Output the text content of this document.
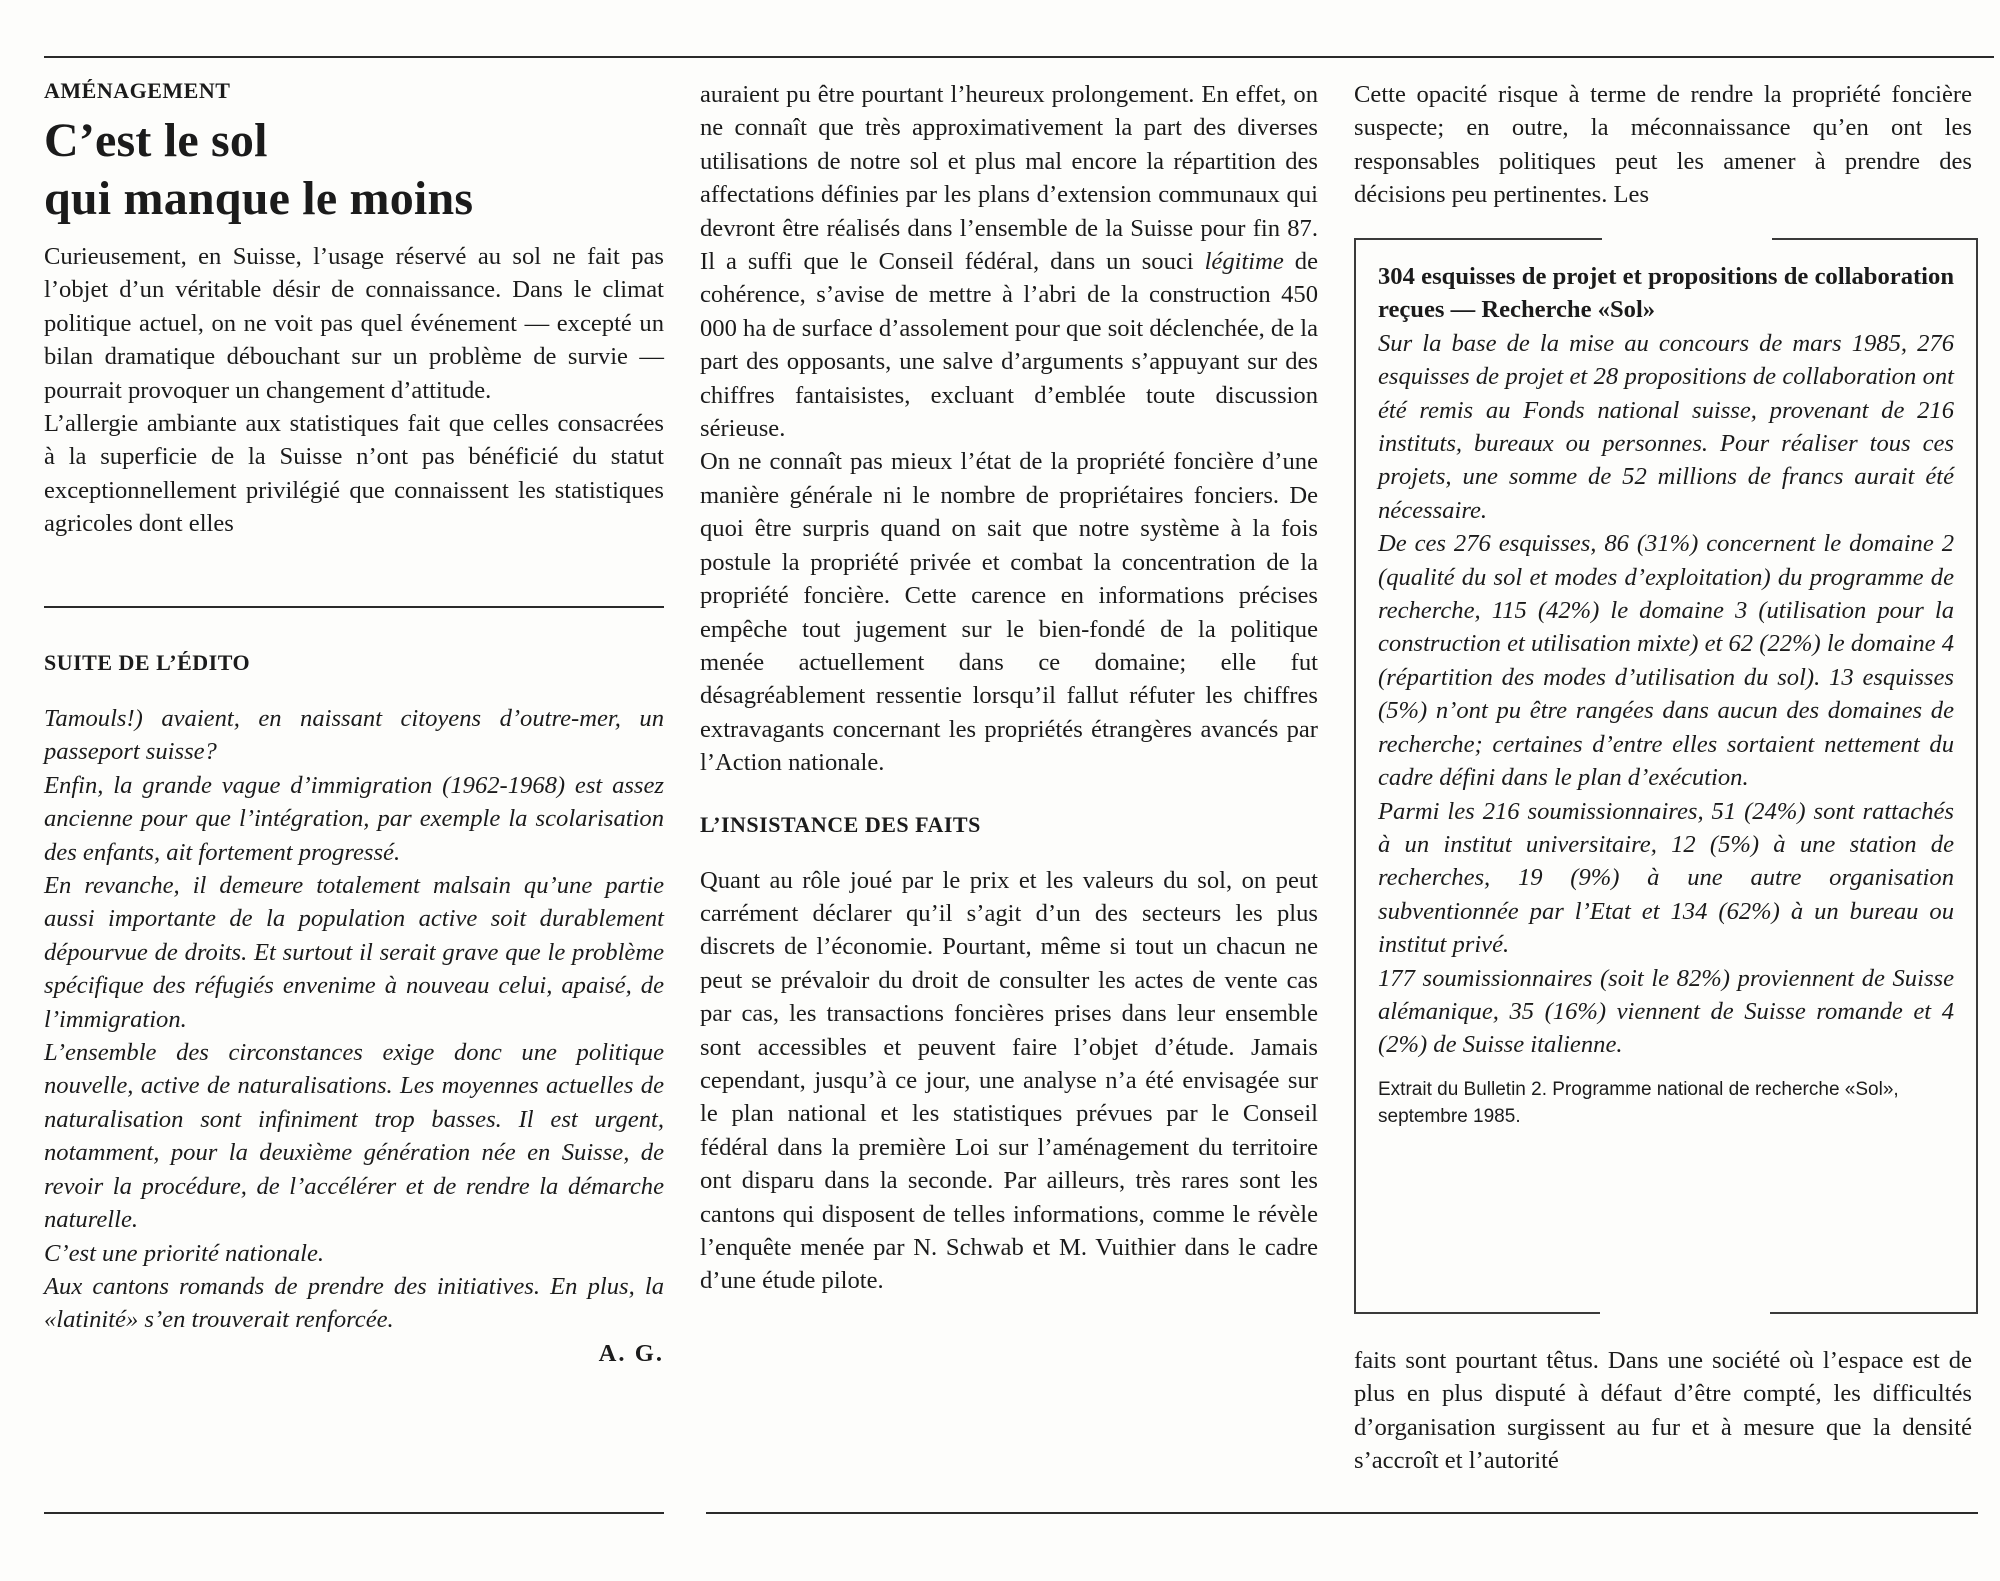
AMÉNAGEMENT
C’est le sol
qui manque le moins

Curieusement, en Suisse, l’usage réservé au sol ne fait pas l’objet d’un véritable désir de connaissance. Dans le climat politique actuel, on ne voit pas quel événement — excepté un bilan dramatique débouchant sur un problème de survie — pourrait provoquer un changement d’attitude.

L’allergie ambiante aux statistiques fait que celles consacrées à la superficie de la Suisse n’ont pas bénéficié du statut exceptionnellement privilégié que connaissent les statistiques agricoles dont elles

SUITE DE L’ÉDITO

Tamouls!) avaient, en naissant citoyens d’outre-mer, un passeport suisse?

Enfin, la grande vague d’immigration (1962-1968) est assez ancienne pour que l’intégration, par exemple la scolarisation des enfants, ait fortement progressé.

En revanche, il demeure totalement malsain qu’une partie aussi importante de la population active soit durablement dépourvue de droits. Et surtout il serait grave que le problème spécifique des réfugiés envenime à nouveau celui, apaisé, de l’immigration.

L’ensemble des circonstances exige donc une politique nouvelle, active de naturalisations. Les moyennes actuelles de naturalisation sont infiniment trop basses. Il est urgent, notamment, pour la deuxième génération née en Suisse, de revoir la procédure, de l’accélérer et de rendre la démarche naturelle.

C’est une priorité nationale.

Aux cantons romands de prendre des initiatives. En plus, la «latinité» s’en trouverait renforcée.

A. G.

auraient pu être pourtant l’heureux prolongement. En effet, on ne connaît que très approximativement la part des diverses utilisations de notre sol et plus mal encore la répartition des affectations définies par les plans d’extension communaux qui devront être réalisés dans l’ensemble de la Suisse pour fin 87. Il a suffi que le Conseil fédéral, dans un souci légitime de cohérence, s’avise de mettre à l’abri de la construction 450 000 ha de surface d’assolement pour que soit déclenchée, de la part des opposants, une salve d’arguments s’appuyant sur des chiffres fantaisistes, excluant d’emblée toute discussion sérieuse.

On ne connaît pas mieux l’état de la propriété foncière d’une manière générale ni le nombre de propriétaires fonciers. De quoi être surpris quand on sait que notre système à la fois postule la propriété privée et combat la concentration de la propriété foncière. Cette carence en informations précises empêche tout jugement sur le bien-fondé de la politique menée actuellement dans ce domaine; elle fut désagréablement ressentie lorsqu’il fallut réfuter les chiffres extravagants concernant les propriétés étrangères avancés par l’Action nationale.

L’INSISTANCE DES FAITS

Quant au rôle joué par le prix et les valeurs du sol, on peut carrément déclarer qu’il s’agit d’un des secteurs les plus discrets de l’économie. Pourtant, même si tout un chacun ne peut se prévaloir du droit de consulter les actes de vente cas par cas, les transactions foncières prises dans leur ensemble sont accessibles et peuvent faire l’objet d’étude. Jamais cependant, jusqu’à ce jour, une analyse n’a été envisagée sur le plan national et les statistiques prévues par le Conseil fédéral dans la première Loi sur l’aménagement du territoire ont disparu dans la seconde. Par ailleurs, très rares sont les cantons qui disposent de telles informations, comme le révèle l’enquête menée par N. Schwab et M. Vuithier dans le cadre d’une étude pilote.

Cette opacité risque à terme de rendre la propriété foncière suspecte; en outre, la méconnaissance qu’en ont les responsables politiques peut les amener à prendre des décisions peu pertinentes. Les

304 esquisses de projet et propositions de collaboration reçues — Recherche «Sol»

Sur la base de la mise au concours de mars 1985, 276 esquisses de projet et 28 propositions de collaboration ont été remis au Fonds national suisse, provenant de 216 instituts, bureaux ou personnes. Pour réaliser tous ces projets, une somme de 52 millions de francs aurait été nécessaire.

De ces 276 esquisses, 86 (31%) concernent le domaine 2 (qualité du sol et modes d’exploitation) du programme de recherche, 115 (42%) le domaine 3 (utilisation pour la construction et utilisation mixte) et 62 (22%) le domaine 4 (répartition des modes d’utilisation du sol). 13 esquisses (5%) n’ont pu être rangées dans aucun des domaines de recherche; certaines d’entre elles sortaient nettement du cadre défini dans le plan d’exécution.

Parmi les 216 soumissionnaires, 51 (24%) sont rattachés à un institut universitaire, 12 (5%) à une station de recherches, 19 (9%) à une autre organisation subventionnée par l’Etat et 134 (62%) à un bureau ou institut privé.

177 soumissionnaires (soit le 82%) proviennent de Suisse alémanique, 35 (16%) viennent de Suisse romande et 4 (2%) de Suisse italienne.

Extrait du Bulletin 2. Programme national de recherche «Sol», septembre 1985.

faits sont pourtant têtus. Dans une société où l’espace est de plus en plus disputé à défaut d’être compté, les difficultés d’organisation surgissent au fur et à mesure que la densité s’accroît et l’autorité
